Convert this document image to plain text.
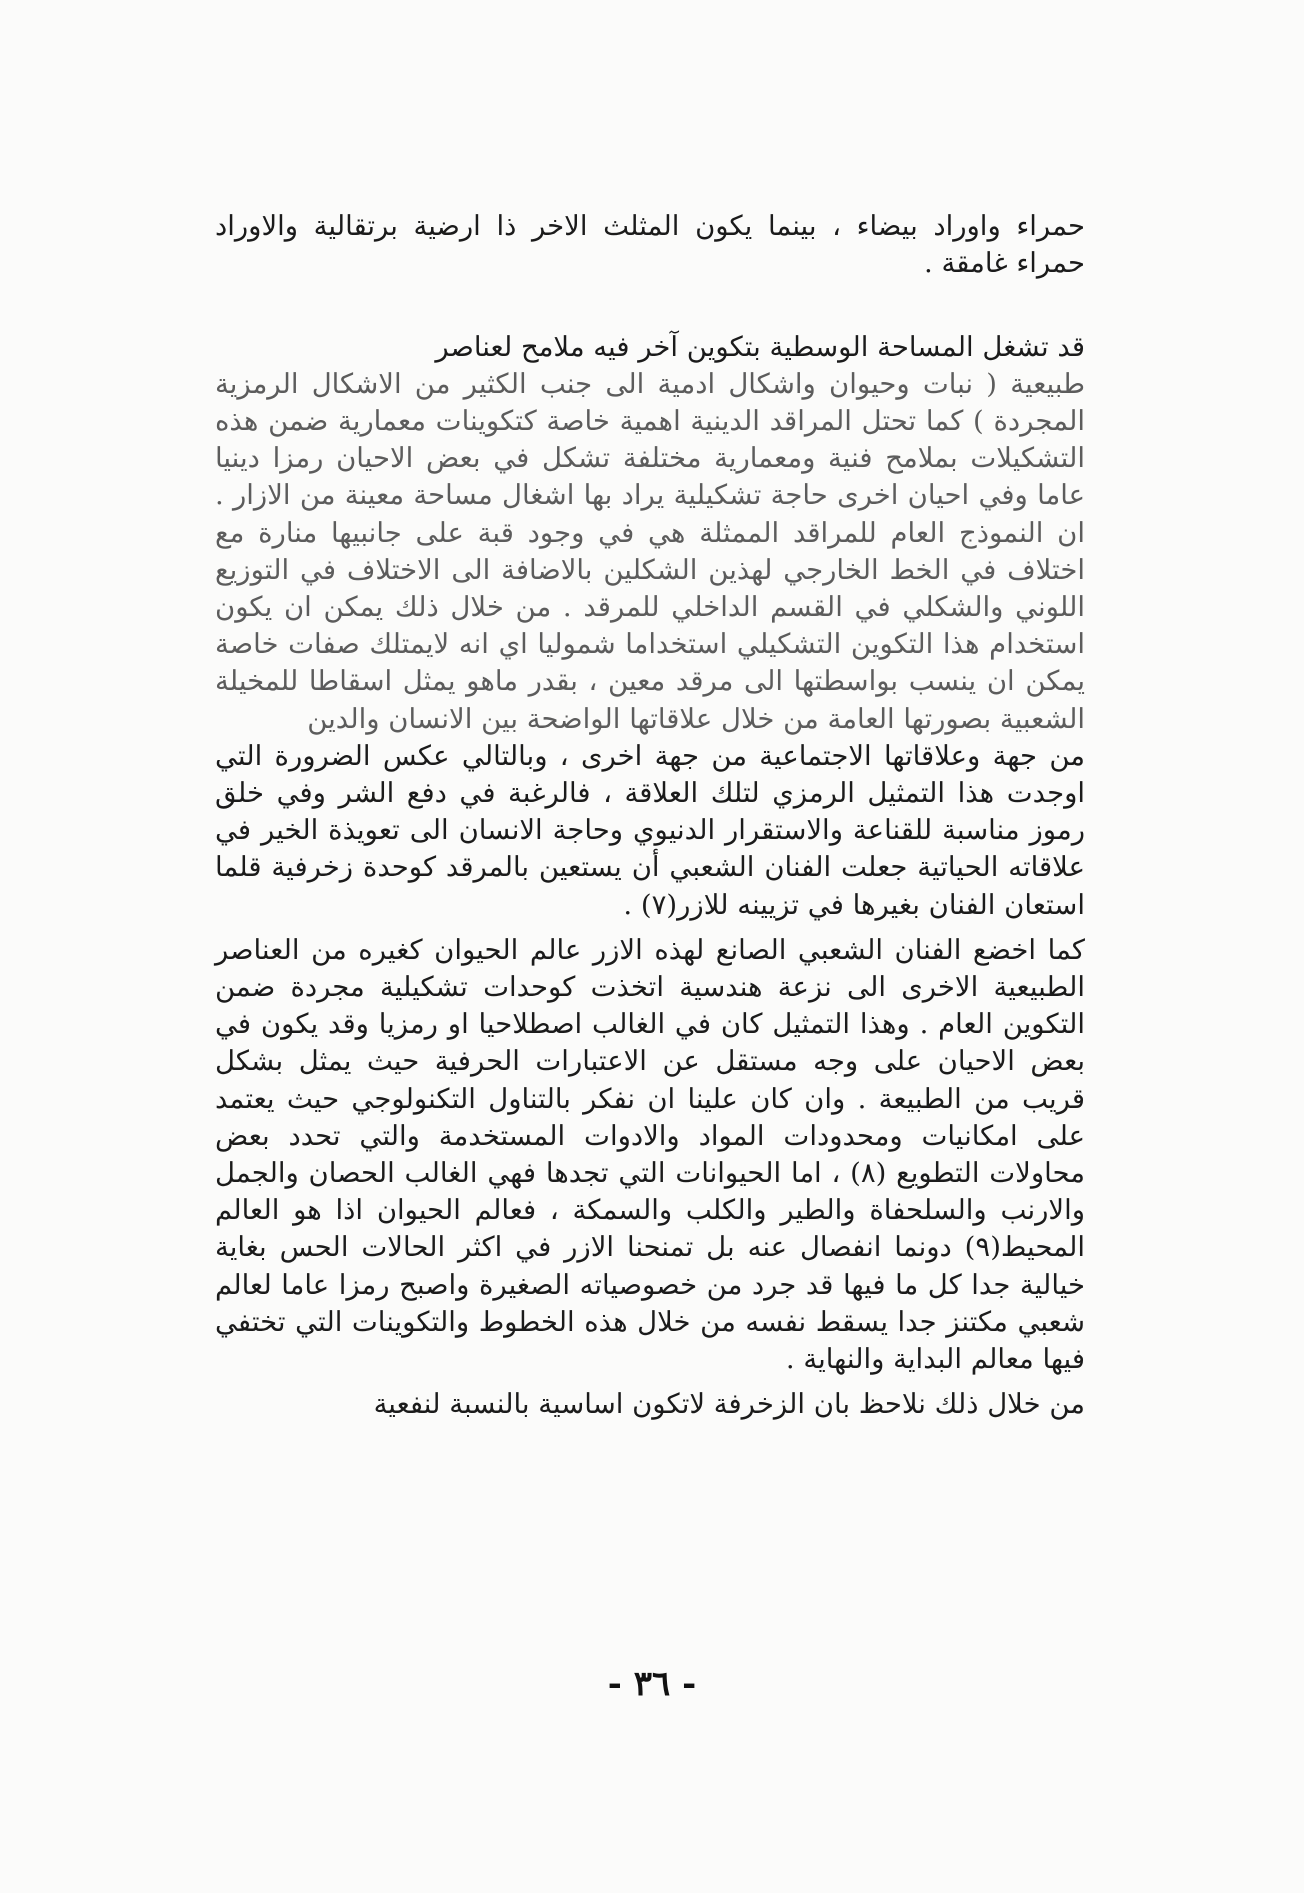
حمراء واوراد بيضاء ، بينما يكون المثلث الاخر ذا ارضية برتقالية والاوراد حمراء غامقة .

قد تشغل المساحة الوسطية بتكوين آخر فيه ملامح لعناصر
طبيعية ( نبات وحيوان واشكال ادمية الى جنب الكثير من الاشكال الرمزية المجردة ) كما تحتل المراقد الدينية اهمية خاصة كتكوينات معمارية ضمن هذه التشكيلات بملامح فنية ومعمارية مختلفة تشكل في بعض الاحيان رمزا دينيا عاما وفي احيان اخرى حاجة تشكيلية يراد بها اشغال مساحة معينة من الازار . ان النموذج العام للمراقد الممثلة هي في وجود قبة على جانبيها منارة مع اختلاف في الخط الخارجي لهذين الشكلين بالاضافة الى الاختلاف في التوزيع اللوني والشكلي في القسم الداخلي للمرقد . من خلال ذلك يمكن ان يكون استخدام هذا التكوين التشكيلي استخداما شموليا اي انه لايمتلك صفات خاصة يمكن ان ينسب بواسطتها الى مرقد معين ، بقدر ماهو يمثل اسقاطا للمخيلة الشعبية بصورتها العامة من خلال علاقاتها الواضحة بين الانسان والدين
من جهة وعلاقاتها الاجتماعية من جهة اخرى ، وبالتالي عكس الضرورة التي اوجدت هذا التمثيل الرمزي لتلك العلاقة ، فالرغبة في دفع الشر وفي خلق رموز مناسبة للقناعة والاستقرار الدنيوي وحاجة الانسان الى تعويذة الخير في علاقاته الحياتية جعلت الفنان الشعبي أن يستعين بالمرقد كوحدة زخرفية قلما استعان الفنان بغيرها في تزيينه للازر(٧) .

كما اخضع الفنان الشعبي الصانع لهذه الازر عالم الحيوان كغيره من العناصر الطبيعية الاخرى الى نزعة هندسية اتخذت كوحدات تشكيلية مجردة ضمن التكوين العام . وهذا التمثيل كان في الغالب اصطلاحيا او رمزيا وقد يكون في بعض الاحيان على وجه مستقل عن الاعتبارات الحرفية حيث يمثل بشكل قريب من الطبيعة . وان كان علينا ان نفكر بالتناول التكنولوجي حيث يعتمد على امكانيات ومحدودات المواد والادوات المستخدمة والتي تحدد بعض محاولات التطويع (٨) ، اما الحيوانات التي تجدها فهي الغالب الحصان والجمل والارنب والسلحفاة والطير والكلب والسمكة ، فعالم الحيوان اذا هو العالم المحيط(٩) دونما انفصال عنه بل تمنحنا الازر في اكثر الحالات الحس بغاية خيالية جدا كل ما فيها قد جرد من خصوصياته الصغيرة واصبح رمزا عاما لعالم شعبي مكتنز جدا يسقط نفسه من خلال هذه الخطوط والتكوينات التي تختفي فيها معالم البداية والنهاية .

من خلال ذلك نلاحظ بان الزخرفة لاتكون اساسية بالنسبة لنفعية

- ٣٦ -
